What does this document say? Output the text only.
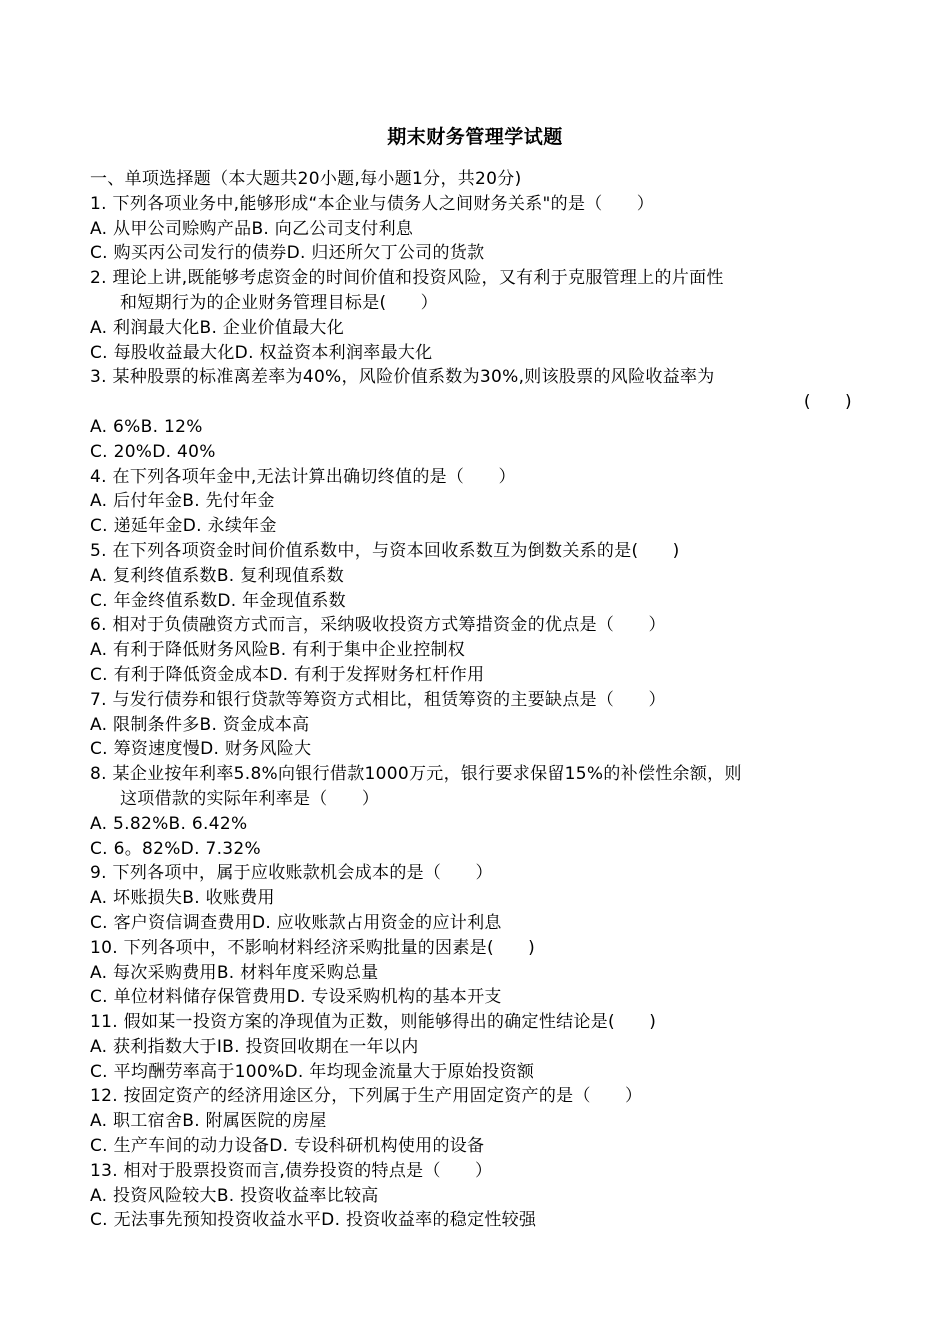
期末财务管理学试题
一、单项选择题（本大题共20小题,每小题1分，共20分)
1. 下列各项业务中,能够形成“本企业与债务人之间财务关系"的是（      ）
A. 从甲公司赊购产品B. 向乙公司支付利息
C. 购买丙公司发行的债券D. 归还所欠丁公司的货款
2. 理论上讲,既能够考虑资金的时间价值和投资风险，又有利于克服管理上的片面性
和短期行为的企业财务管理目标是(      ）
A. 利润最大化B. 企业价值最大化
C. 每股收益最大化D. 权益资本利润率最大化
3. 某种股票的标准离差率为40%，风险价值系数为30%,则该股票的风险收益率为
(      )
A. 6%B. 12%
C. 20%D. 40%
4. 在下列各项年金中,无法计算出确切终值的是（      ）
A. 后付年金B. 先付年金
C. 递延年金D. 永续年金
5. 在下列各项资金时间价值系数中，与资本回收系数互为倒数关系的是(      )
A. 复利终值系数B. 复利现值系数
C. 年金终值系数D. 年金现值系数
6. 相对于负债融资方式而言，采纳吸收投资方式筹措资金的优点是（      ）
A. 有利于降低财务风险B. 有利于集中企业控制权
C. 有利于降低资金成本D. 有利于发挥财务杠杆作用
7. 与发行债券和银行贷款等筹资方式相比，租赁筹资的主要缺点是（      ）
A. 限制条件多B. 资金成本高
C. 筹资速度慢D. 财务风险大
8. 某企业按年利率5.8%向银行借款1000万元，银行要求保留15%的补偿性余额，则
这项借款的实际年利率是（      ）
A. 5.82%B. 6.42%
C. 6。82%D. 7.32%
9. 下列各项中，属于应收账款机会成本的是（      ）
A. 坏账损失B. 收账费用
C. 客户资信调查费用D. 应收账款占用资金的应计利息
10. 下列各项中，不影响材料经济采购批量的因素是(      )
A. 每次采购费用B. 材料年度采购总量
C. 单位材料储存保管费用D. 专设采购机构的基本开支
11. 假如某一投资方案的净现值为正数，则能够得出的确定性结论是(      )
A. 获利指数大于IB. 投资回收期在一年以内
C. 平均酬劳率高于100%D. 年均现金流量大于原始投资额
12. 按固定资产的经济用途区分，下列属于生产用固定资产的是（      ）
A. 职工宿舍B. 附属医院的房屋
C. 生产车间的动力设备D. 专设科研机构使用的设备
13. 相对于股票投资而言,债券投资的特点是（      ）
A. 投资风险较大B. 投资收益率比较高
C. 无法事先预知投资收益水平D. 投资收益率的稳定性较强
